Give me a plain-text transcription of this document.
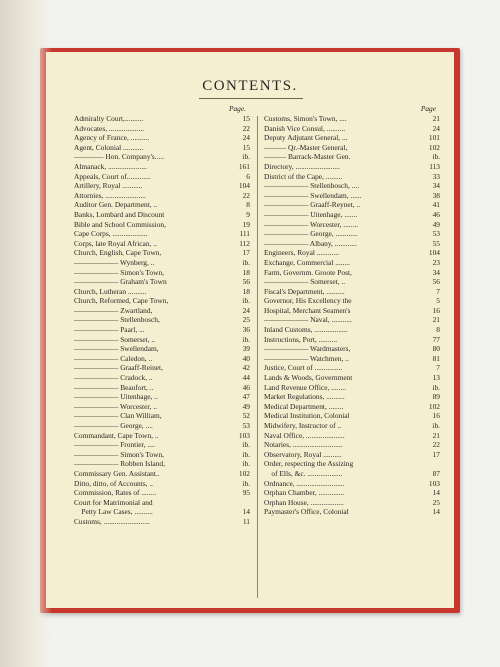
CONTENTS.
Page.
Admiralty Court,..........	15
Advocates, ...................	22
Agency of France, ..........	24
Agent, Colonial ...........	15
———— Hon. Company's.....	ib.
Almanack, .....................	161
Appeals, Court of.............	6
Artillery, Royal ...........	104
Attornies, ......................	22
Auditor Gen. Department, ..	8
Banks, Lombard and Discount	9
Bible and School Commission,	19
Cape Corps, ...................	111
Corps, late Royal African, ..	112
Church, English, Cape Town,	17
—————— Wynberg, ..	ib.
—————— Simon's Town,	18
—————— Graham's Town	56
Church, Lutheran ..........	18
Church, Reformed, Cape Town,	ib.
—————— Zwartland,	24
—————— Stellenbosch,	25
—————— Paarl, ...	36
—————— Somerset, ..	ib.
—————— Swellendam,	39
—————— Caledon, ..	40
—————— Graaff-Reinet,	42
—————— Cradock, ..	44
—————— Beaufort, ..	46
—————— Uitenhage, ..	47
—————— Worcester, ..	49
—————— Clan William,	52
—————— George, ....	53
Commandant, Cape Town, ..	103
—————— Frontier, ....	ib.
—————— Simon's Town,	ib.
—————— Robben Island,	ib.
Commissary Gen. Assistant..	102
Ditto, ditto, of Accounts, ..	ib.
Commission, Rates of ........	95
Court for Matrimonial and
Petty Law Cases, ..........	14
Customs, .........................	11
Page
Customs, Simon's Town, ....	21
Danish Vice Consul, ..........	24
Deputy Adjutant General, ...	101
——— Qr.-Master General,	102
——— Barrack-Master Gen.	ib.
Directory, ........................	113
District of the Cape, .........	33
—————— Stellenbosch, ....	34
—————— Swellendam, ......	38
—————— Graaff-Reynet, ..	41
—————— Uitenhage, .......	46
—————— Worcester, ........	49
—————— George, ............	53
—————— Albany, ............	55
Engineers, Royal ............	104
Exchange, Commercial ........	23
Farm, Governm. Groote Post,	34
—————— Somerset, ..	56
Fiscal's Department, ..........	7
Governor, His Excellency the	5
Hospital, Merchant Seamen's	16
—————— Naval, ...........	21
Inland Customs, ..................	8
Instructions, Port, ..........	77
—————— Wardmasters,	80
—————— Watchmen, ..	81
Justice, Court of ...............	7
Lands & Woods, Government	13
Land Revenue Office, ........	ib.
Market Regulations, ..........	89
Medical Department, ........	102
Medical Institution, Colonial	16
Midwifery, Instructor of ..	ib.
Naval Office, .....................	21
Notaries, ...........................	22
Observatory, Royal ..........	17
Order, respecting the Assizing
of Ells, &c. ...................	87
Ordnance, ..........................	103
Orphan Chamber, ..............	14
Orphan House, ..................	25
Paymaster's Office, Colonial	14
